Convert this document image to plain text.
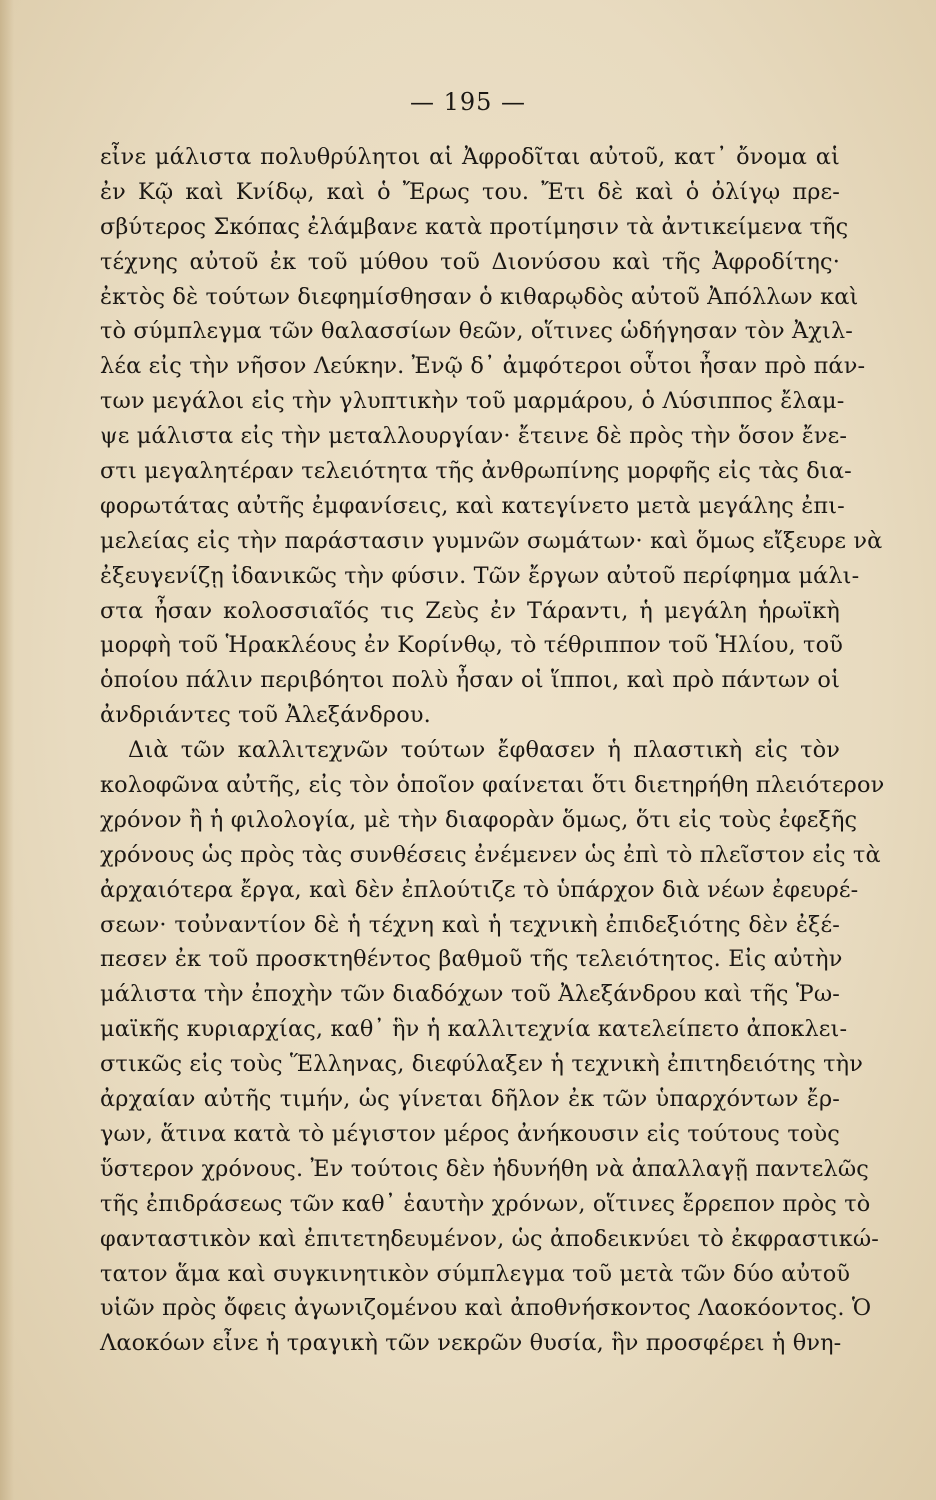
— 195 —
εἶνε μάλιστα πολυθρύλητοι αἱ Ἀφροδῖται αὐτοῦ, κατ᾽ ὄνομα αἱ
ἐν Κῷ καὶ Κνίδῳ, καὶ ὁ Ἔρως του. Ἔτι δὲ καὶ ὁ ὀλίγῳ πρε-
σβύτερος Σκόπας ἐλάμβανε κατὰ προτίμησιν τὰ ἀντικείμενα τῆς
τέχνης αὐτοῦ ἐκ τοῦ μύθου τοῦ Διονύσου καὶ τῆς Ἀφροδίτης·
ἐκτὸς δὲ τούτων διεφημίσθησαν ὁ κιθαρῳδὸς αὐτοῦ Ἀπόλλων καὶ
τὸ σύμπλεγμα τῶν θαλασσίων θεῶν, οἵτινες ὡδήγησαν τὸν Ἀχιλ-
λέα εἰς τὴν νῆσον Λεύκην. Ἐνῷ δ᾽ ἀμφότεροι οὗτοι ἦσαν πρὸ πάν-
των μεγάλοι εἰς τὴν γλυπτικὴν τοῦ μαρμάρου, ὁ Λύσιππος ἔλαμ-
ψε μάλιστα εἰς τὴν μεταλλουργίαν· ἔτεινε δὲ πρὸς τὴν ὅσον ἔνε-
στι μεγαλητέραν τελειότητα τῆς ἀνθρωπίνης μορφῆς εἰς τὰς δια-
φορωτάτας αὐτῆς ἐμφανίσεις, καὶ κατεγίνετο μετὰ μεγάλης ἐπι-
μελείας εἰς τὴν παράστασιν γυμνῶν σωμάτων· καὶ ὅμως εἴξευρε νὰ
ἐξευγενίζῃ ἰδανικῶς τὴν φύσιν. Τῶν ἔργων αὐτοῦ περίφημα μάλι-
στα ἦσαν κολοσσιαῖός τις Ζεὺς ἐν Τάραντι, ἡ μεγάλη ἡρωϊκὴ
μορφὴ τοῦ Ἡρακλέους ἐν Κορίνθῳ, τὸ τέθριππον τοῦ Ἡλίου, τοῦ
ὁποίου πάλιν περιβόητοι πολὺ ἦσαν οἱ ἵπποι, καὶ πρὸ πάντων οἱ
ἀνδριάντες τοῦ Ἀλεξάνδρου.
Διὰ τῶν καλλιτεχνῶν τούτων ἔφθασεν ἡ πλαστικὴ εἰς τὸν
κολοφῶνα αὐτῆς, εἰς τὸν ὁποῖον φαίνεται ὅτι διετηρήθη πλειότερον
χρόνον ἢ ἡ φιλολογία, μὲ τὴν διαφορὰν ὅμως, ὅτι εἰς τοὺς ἐφεξῆς
χρόνους ὡς πρὸς τὰς συνθέσεις ἐνέμενεν ὡς ἐπὶ τὸ πλεῖστον εἰς τὰ
ἀρχαιότερα ἔργα, καὶ δὲν ἐπλούτιζε τὸ ὑπάρχον διὰ νέων ἐφευρέ-
σεων· τοὐναντίον δὲ ἡ τέχνη καὶ ἡ τεχνικὴ ἐπιδεξιότης δὲν ἐξέ-
πεσεν ἐκ τοῦ προσκτηθέντος βαθμοῦ τῆς τελειότητος. Εἰς αὐτὴν
μάλιστα τὴν ἐποχὴν τῶν διαδόχων τοῦ Ἀλεξάνδρου καὶ τῆς Ῥω-
μαϊκῆς κυριαρχίας, καθ᾽ ἣν ἡ καλλιτεχνία κατελείπετο ἀποκλει-
στικῶς εἰς τοὺς Ἕλληνας, διεφύλαξεν ἡ τεχνικὴ ἐπιτηδειότης τὴν
ἀρχαίαν αὐτῆς τιμήν, ὡς γίνεται δῆλον ἐκ τῶν ὑπαρχόντων ἔρ-
γων, ἅτινα κατὰ τὸ μέγιστον μέρος ἀνήκουσιν εἰς τούτους τοὺς
ὕστερον χρόνους. Ἐν τούτοις δὲν ἠδυνήθη νὰ ἀπαλλαγῇ παντελῶς
τῆς ἐπιδράσεως τῶν καθ᾽ ἑαυτὴν χρόνων, οἵτινες ἔρρεπον πρὸς τὸ
φανταστικὸν καὶ ἐπιτετηδευμένον, ὡς ἀποδεικνύει τὸ ἐκφραστικώ-
τατον ἅμα καὶ συγκινητικὸν σύμπλεγμα τοῦ μετὰ τῶν δύο αὐτοῦ
υἱῶν πρὸς ὄφεις ἀγωνιζομένου καὶ ἀποθνήσκοντος Λαοκόοντος. Ὁ
Λαοκόων εἶνε ἡ τραγικὴ τῶν νεκρῶν θυσία, ἣν προσφέρει ἡ θνη-
